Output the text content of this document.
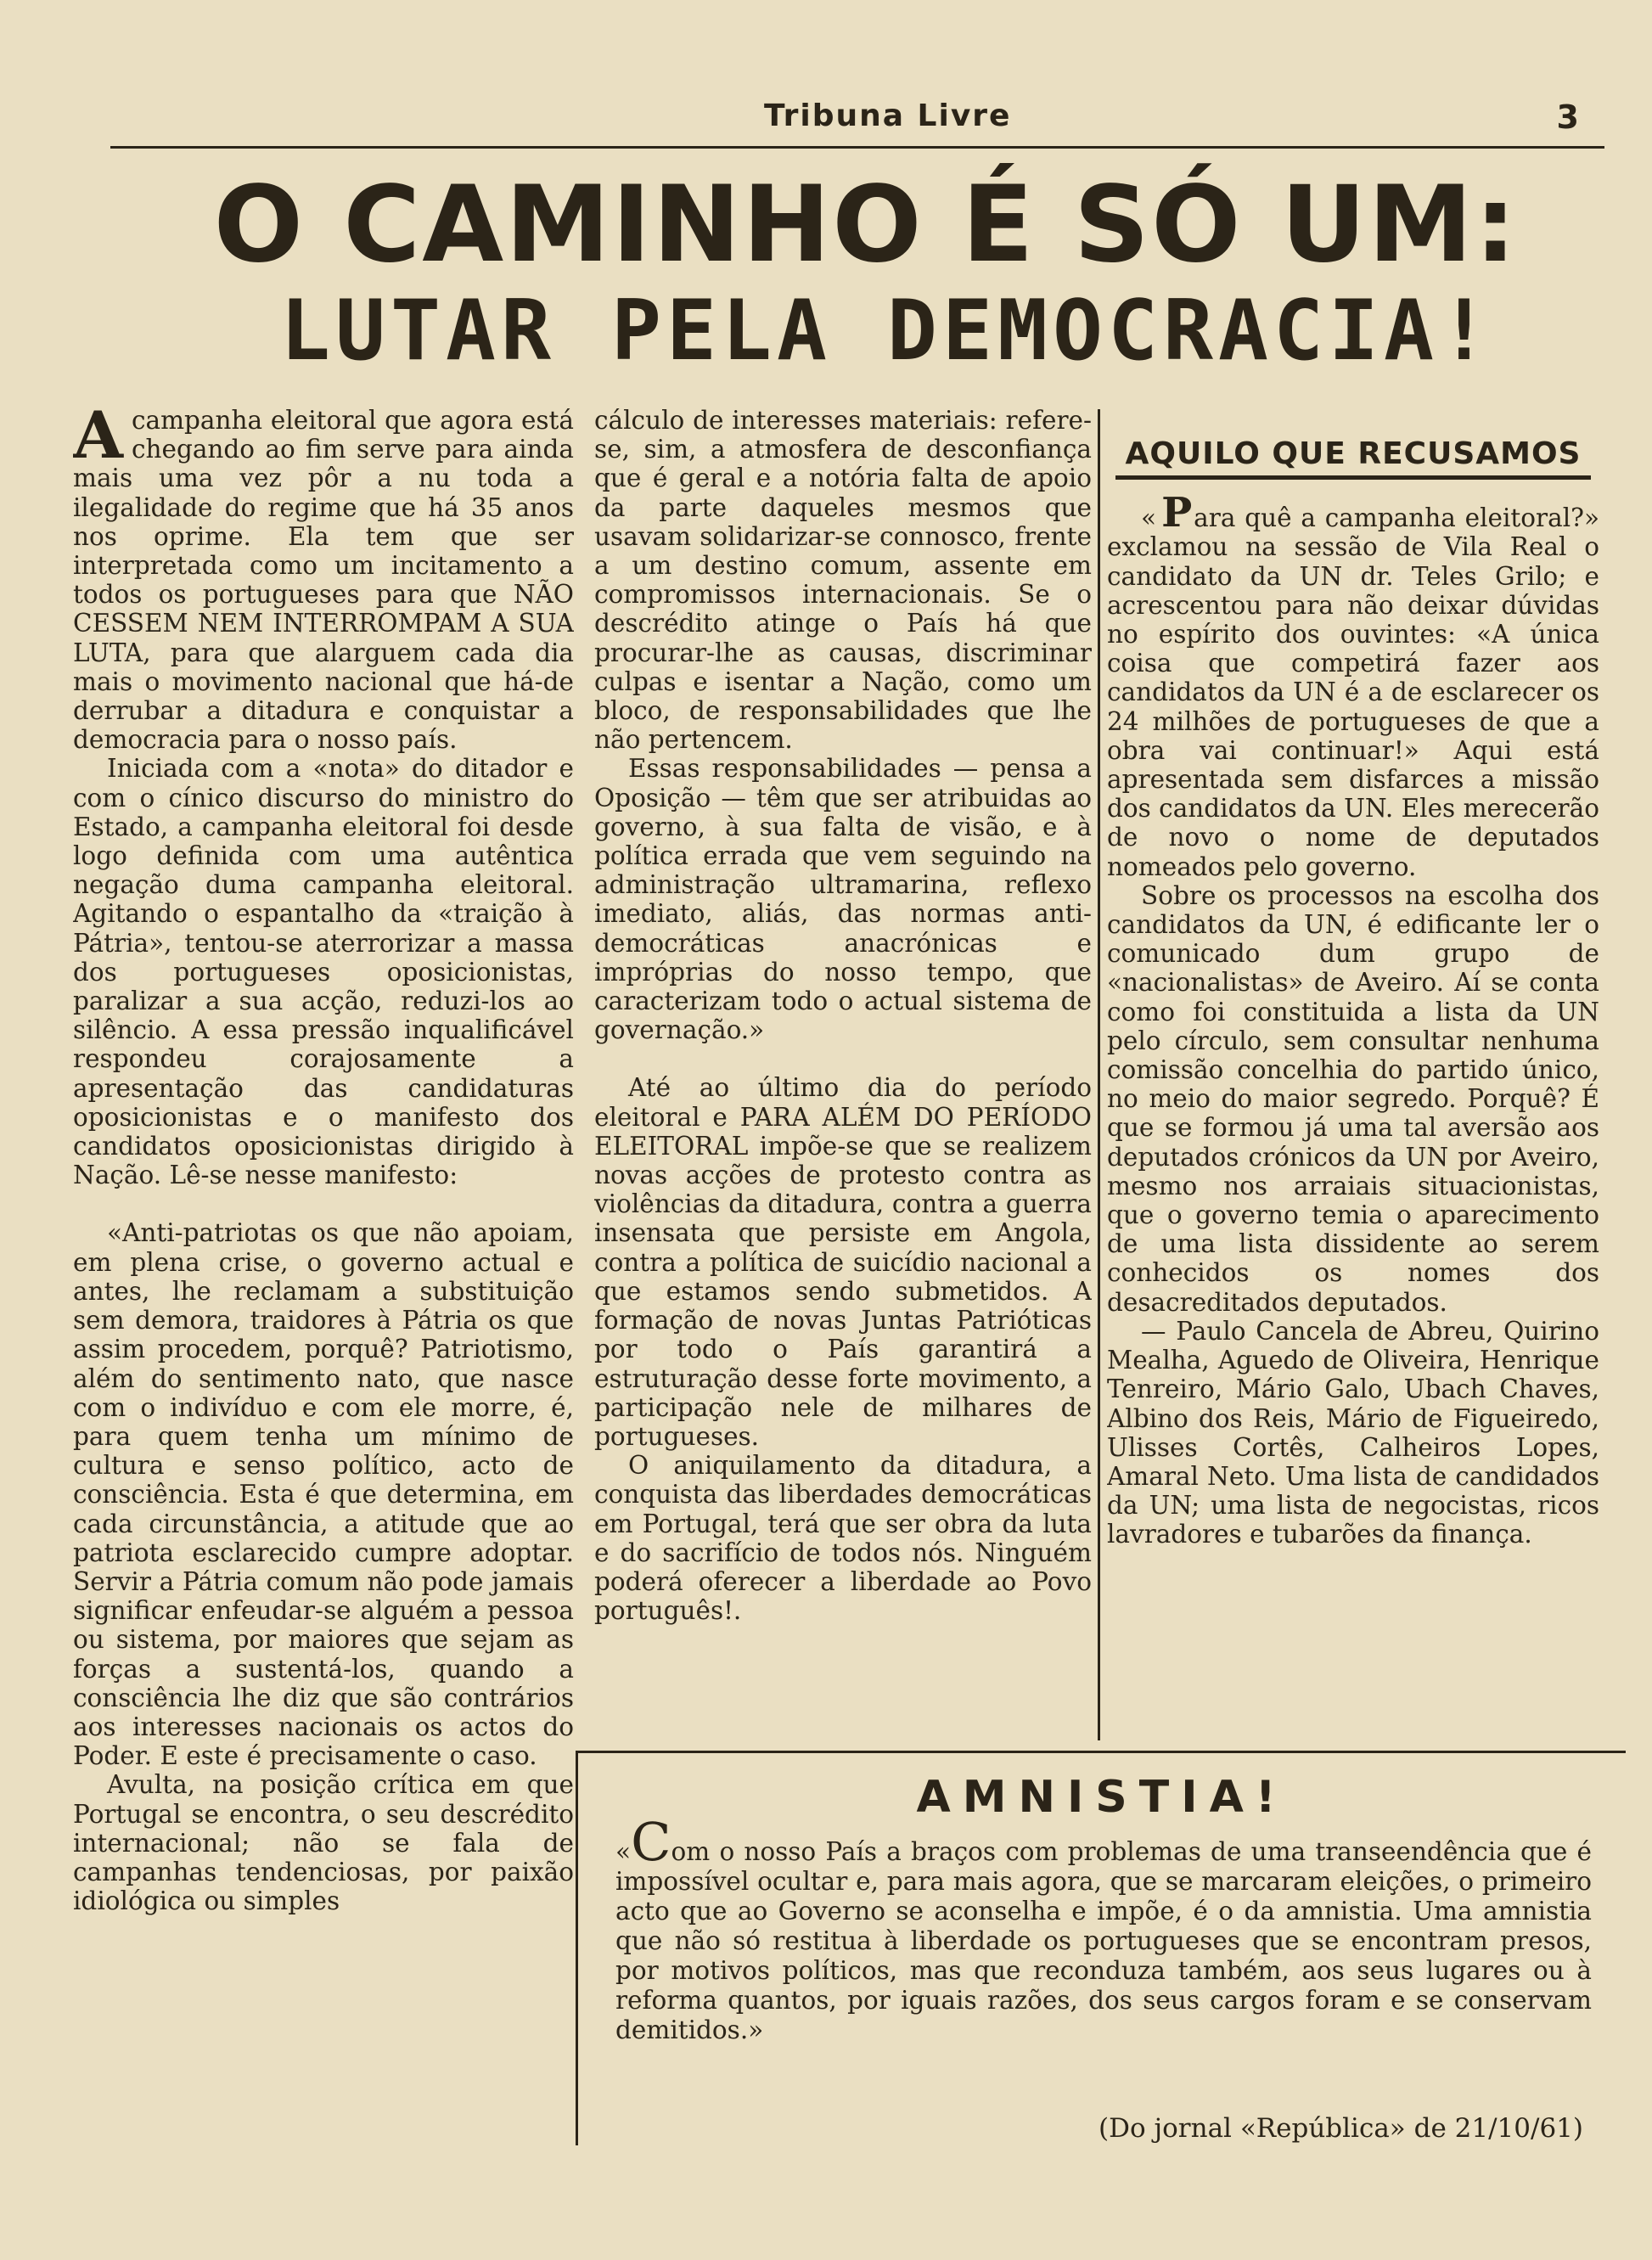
Tribuna Livre	3
O CAMINHO É SÓ UM:
LUTAR PELA DEMOCRACIA!

Acampanha eleitoral que agora está chegando ao fim serve para ainda mais uma vez pôr a nu toda a ilegalidade do regime que há 35 anos nos oprime. Ela tem que ser interpretada como um incitamento a todos os portugueses para que NÃO CESSEM NEM INTERROMPAM A SUA LUTA, para que alarguem cada dia mais o movimento nacional que há-de derrubar a ditadura e conquistar a democracia para o nosso país.

Iniciada com a «nota» do ditador e com o cínico discurso do ministro do Estado, a campanha eleitoral foi desde logo definida com uma autêntica negação duma campanha eleitoral. Agitando o espantalho da «traição à Pátria», tentou-se aterrorizar a massa dos portugueses oposicionistas, paralizar a sua acção, reduzi-los ao silêncio. A essa pressão inqualificável respondeu corajosamente a apresentação das candidaturas oposicionistas e o manifesto dos candidatos oposicionistas dirigido à Nação. Lê-se nesse manifesto:

«Anti-patriotas os que não apoiam, em plena crise, o governo actual e antes, lhe reclamam a substituição sem demora, traidores à Pátria os que assim procedem, porquê? Patriotismo, além do sentimento nato, que nasce com o indivíduo e com ele morre, é, para quem tenha um mínimo de cultura e senso político, acto de consciência. Esta é que determina, em cada circunstância, a atitude que ao patriota esclarecido cumpre adoptar. Servir a Pátria comum não pode jamais significar enfeudar-se alguém a pessoa ou sistema, por maiores que sejam as forças a sustentá-los, quando a consciência lhe diz que são contrários aos interesses nacionais os actos do Poder. E este é precisamente o caso.

Avulta, na posição crítica em que Portugal se encontra, o seu descrédito internacional; não se fala de campanhas tendenciosas, por paixão idiológica ou simples

cálculo de interesses materiais: refere-se, sim, a atmosfera de desconfiança que é geral e a notória falta de apoio da parte daqueles mesmos que usavam solidarizar-se connosco, frente a um destino comum, assente em compromissos internacionais. Se o descrédito atinge o País há que procurar-lhe as causas, discriminar culpas e isentar a Nação, como um bloco, de responsabilidades que lhe não pertencem.

Essas responsabilidades — pensa a Oposição — têm que ser atribuidas ao governo, à sua falta de visão, e à política errada que vem seguindo na administração ultramarina, reflexo imediato, aliás, das normas anti-democráticas anacrónicas e impróprias do nosso tempo, que caracterizam todo o actual sistema de governação.»

Até ao último dia do período eleitoral e PARA ALÉM DO PERÍODO ELEITORAL impõe-se que se realizem novas acções de protesto contra as violências da ditadura, contra a guerra insensata que persiste em Angola, contra a política de suicídio nacional a que estamos sendo submetidos. A formação de novas Juntas Patrióticas por todo o País garantirá a estruturação desse forte movimento, a participação nele de milhares de portugueses.

O aniquilamento da ditadura, a conquista das liberdades democráticas em Portugal, terá que ser obra da luta e do sacrifício de todos nós. Ninguém poderá oferecer a liberdade ao Povo português!.

AQUILO QUE RECUSAMOS

« Para quê a campanha eleitoral?» exclamou na sessão de Vila Real o candidato da UN dr. Teles Grilo; e acrescentou para não deixar dúvidas no espírito dos ouvintes: «A única coisa que competirá fazer aos candidatos da UN é a de esclarecer os 24 milhões de portugueses de que a obra vai continuar!» Aqui está apresentada sem disfarces a missão dos candidatos da UN. Eles merecerão de novo o nome de deputados nomeados pelo governo.

Sobre os processos na escolha dos candidatos da UN, é edificante ler o comunicado dum grupo de «nacionalistas» de Aveiro. Aí se conta como foi constituida a lista da UN pelo círculo, sem consultar nenhuma comissão concelhia do partido único, no meio do maior segredo. Porquê? É que se formou já uma tal aversão aos deputados crónicos da UN por Aveiro, mesmo nos arraiais situacionistas, que o governo temia o aparecimento de uma lista dissidente ao serem conhecidos os nomes dos desacreditados deputados.

— Paulo Cancela de Abreu, Quirino Mealha, Aguedo de Oliveira, Henrique Tenreiro, Mário Galo, Ubach Chaves, Albino dos Reis, Mário de Figueiredo, Ulisses Cortês, Calheiros Lopes, Amaral Neto. Uma lista de candidados da UN; uma lista de negocistas, ricos lavradores e tubarões da finança.

AMNISTIA!
«Com o nosso País a braços com problemas de uma transeendência que é impossível ocultar e, para mais agora, que se marcaram eleições, o primeiro acto que ao Governo se aconselha e impõe, é o da amnistia. Uma amnistia que não só restitua à liberdade os portugueses que se encontram presos, por motivos políticos, mas que reconduza também, aos seus lugares ou à reforma quantos, por iguais razões, dos seus cargos foram e se conservam demitidos.»
(Do jornal «República» de 21/10/61)
